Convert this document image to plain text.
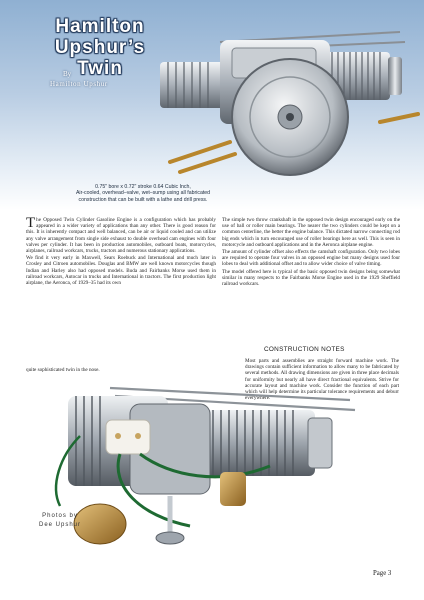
Hamilton Upshur’s
Twin
By
Hamilton Upshur
0.75" bore x 0.72" stroke 0.64 Cubic Inch,
Air-cooled, overhead–valve, wet–sump using all fabricated
construction that can be built with a lathe and drill press.

The Opposed Twin Cylinder Gasoline Engine is a configuration which has probably appeared in a wider variety of applications than any other. There is good reason for this. It is inherently compact and well balanced, can be air or liquid cooled and can utilize any valve arrangement from single side exhaust to double overhead cam engines with four valves per cylinder. It has been in production automobiles, outboard boats, motorcycles, airplanes, railroad workcars, trucks, tractors and numerous stationary applications.

We find it very early in Maxwell, Sears Roebuck and International and much later in Crosley and Citroen automobiles. Douglas and BMW are well known motorcycles though Indian and Harley also had opposed models. Buda and Fairbanks Morse used them in railroad workcars, Autocar in trucks and International in tractors. The first production light airplane, the Aeronca, of 1929–35 had its own

quite sophisticated twin in the nose.

The simple two throw crankshaft in the opposed twin design encouraged early on the use of ball or roller main bearings. The nearer the two cylinders could be kept on a common centerline, the better the engine balance. This dictated narrow connecting rod big ends which in turn encouraged use of roller bearings here as well. This is seen in motorcycle and outboard applications and in the Aeronca airplane engine.

The amount of cylinder offset also effects the camshaft configuration. Only two lobes are required to operate four valves in an opposed engine but many designs used four lobes to deal with additional offset and to allow wider choice of valve timing.

The model offered here is typical of the basic opposed twin designs being somewhat similar in many respects to the Fairbanks Morse Engine used in the 1929 Sheffield railroad workcars.

CONSTRUCTION NOTES
Most parts and assemblies are straight forward machine work. The drawings contain sufficient information to allow many to be fabricated by several methods. All drawing dimensions are given in three place decimals for uniformity but nearly all have direct fractional equivalents. Strive for accurate layout and machine work. Consider the function of each part which will help determine its particular tolerance requirements and deburr everywhere.
Photos by
Dee Upshur
Page 3
